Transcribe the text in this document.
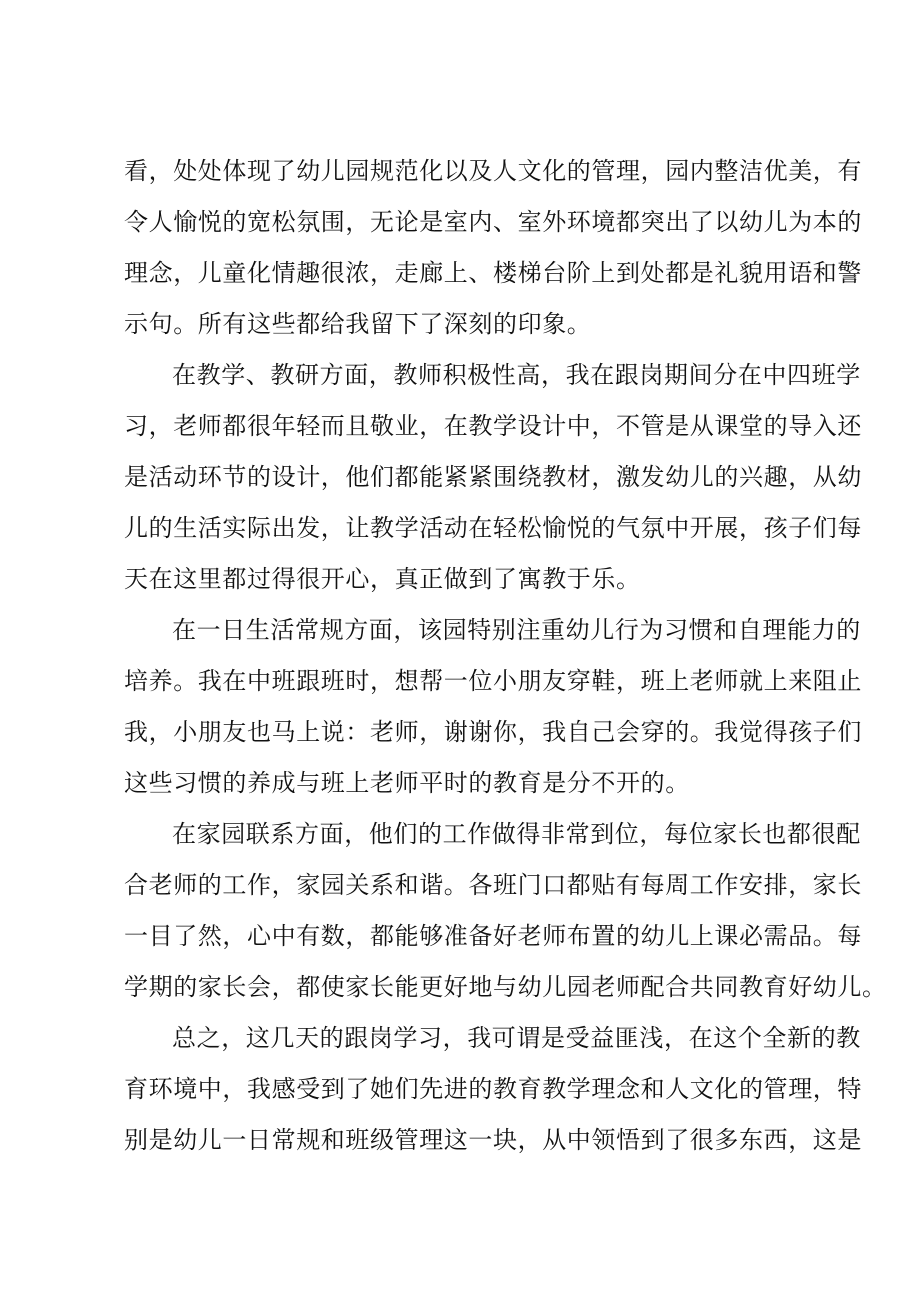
看，处处体现了幼儿园规范化以及人文化的管理，园内整洁优美，有
令人愉悦的宽松氛围，无论是室内、室外环境都突出了以幼儿为本的
理念，儿童化情趣很浓，走廊上、楼梯台阶上到处都是礼貌用语和警
示句。所有这些都给我留下了深刻的印象。
在教学、教研方面，教师积极性高，我在跟岗期间分在中四班学
习，老师都很年轻而且敬业，在教学设计中，不管是从课堂的导入还
是活动环节的设计，他们都能紧紧围绕教材，激发幼儿的兴趣，从幼
儿的生活实际出发，让教学活动在轻松愉悦的气氛中开展，孩子们每
天在这里都过得很开心，真正做到了寓教于乐。
在一日生活常规方面，该园特别注重幼儿行为习惯和自理能力的
培养。我在中班跟班时，想帮一位小朋友穿鞋，班上老师就上来阻止
我，小朋友也马上说：老师，谢谢你，我自己会穿的。我觉得孩子们
这些习惯的养成与班上老师平时的教育是分不开的。
在家园联系方面，他们的工作做得非常到位，每位家长也都很配
合老师的工作，家园关系和谐。各班门口都贴有每周工作安排，家长
一目了然，心中有数，都能够准备好老师布置的幼儿上课必需品。每
学期的家长会，都使家长能更好地与幼儿园老师配合共同教育好幼儿。
总之，这几天的跟岗学习，我可谓是受益匪浅，在这个全新的教
育环境中，我感受到了她们先进的教育教学理念和人文化的管理，特
别是幼儿一日常规和班级管理这一块，从中领悟到了很多东西，这是
